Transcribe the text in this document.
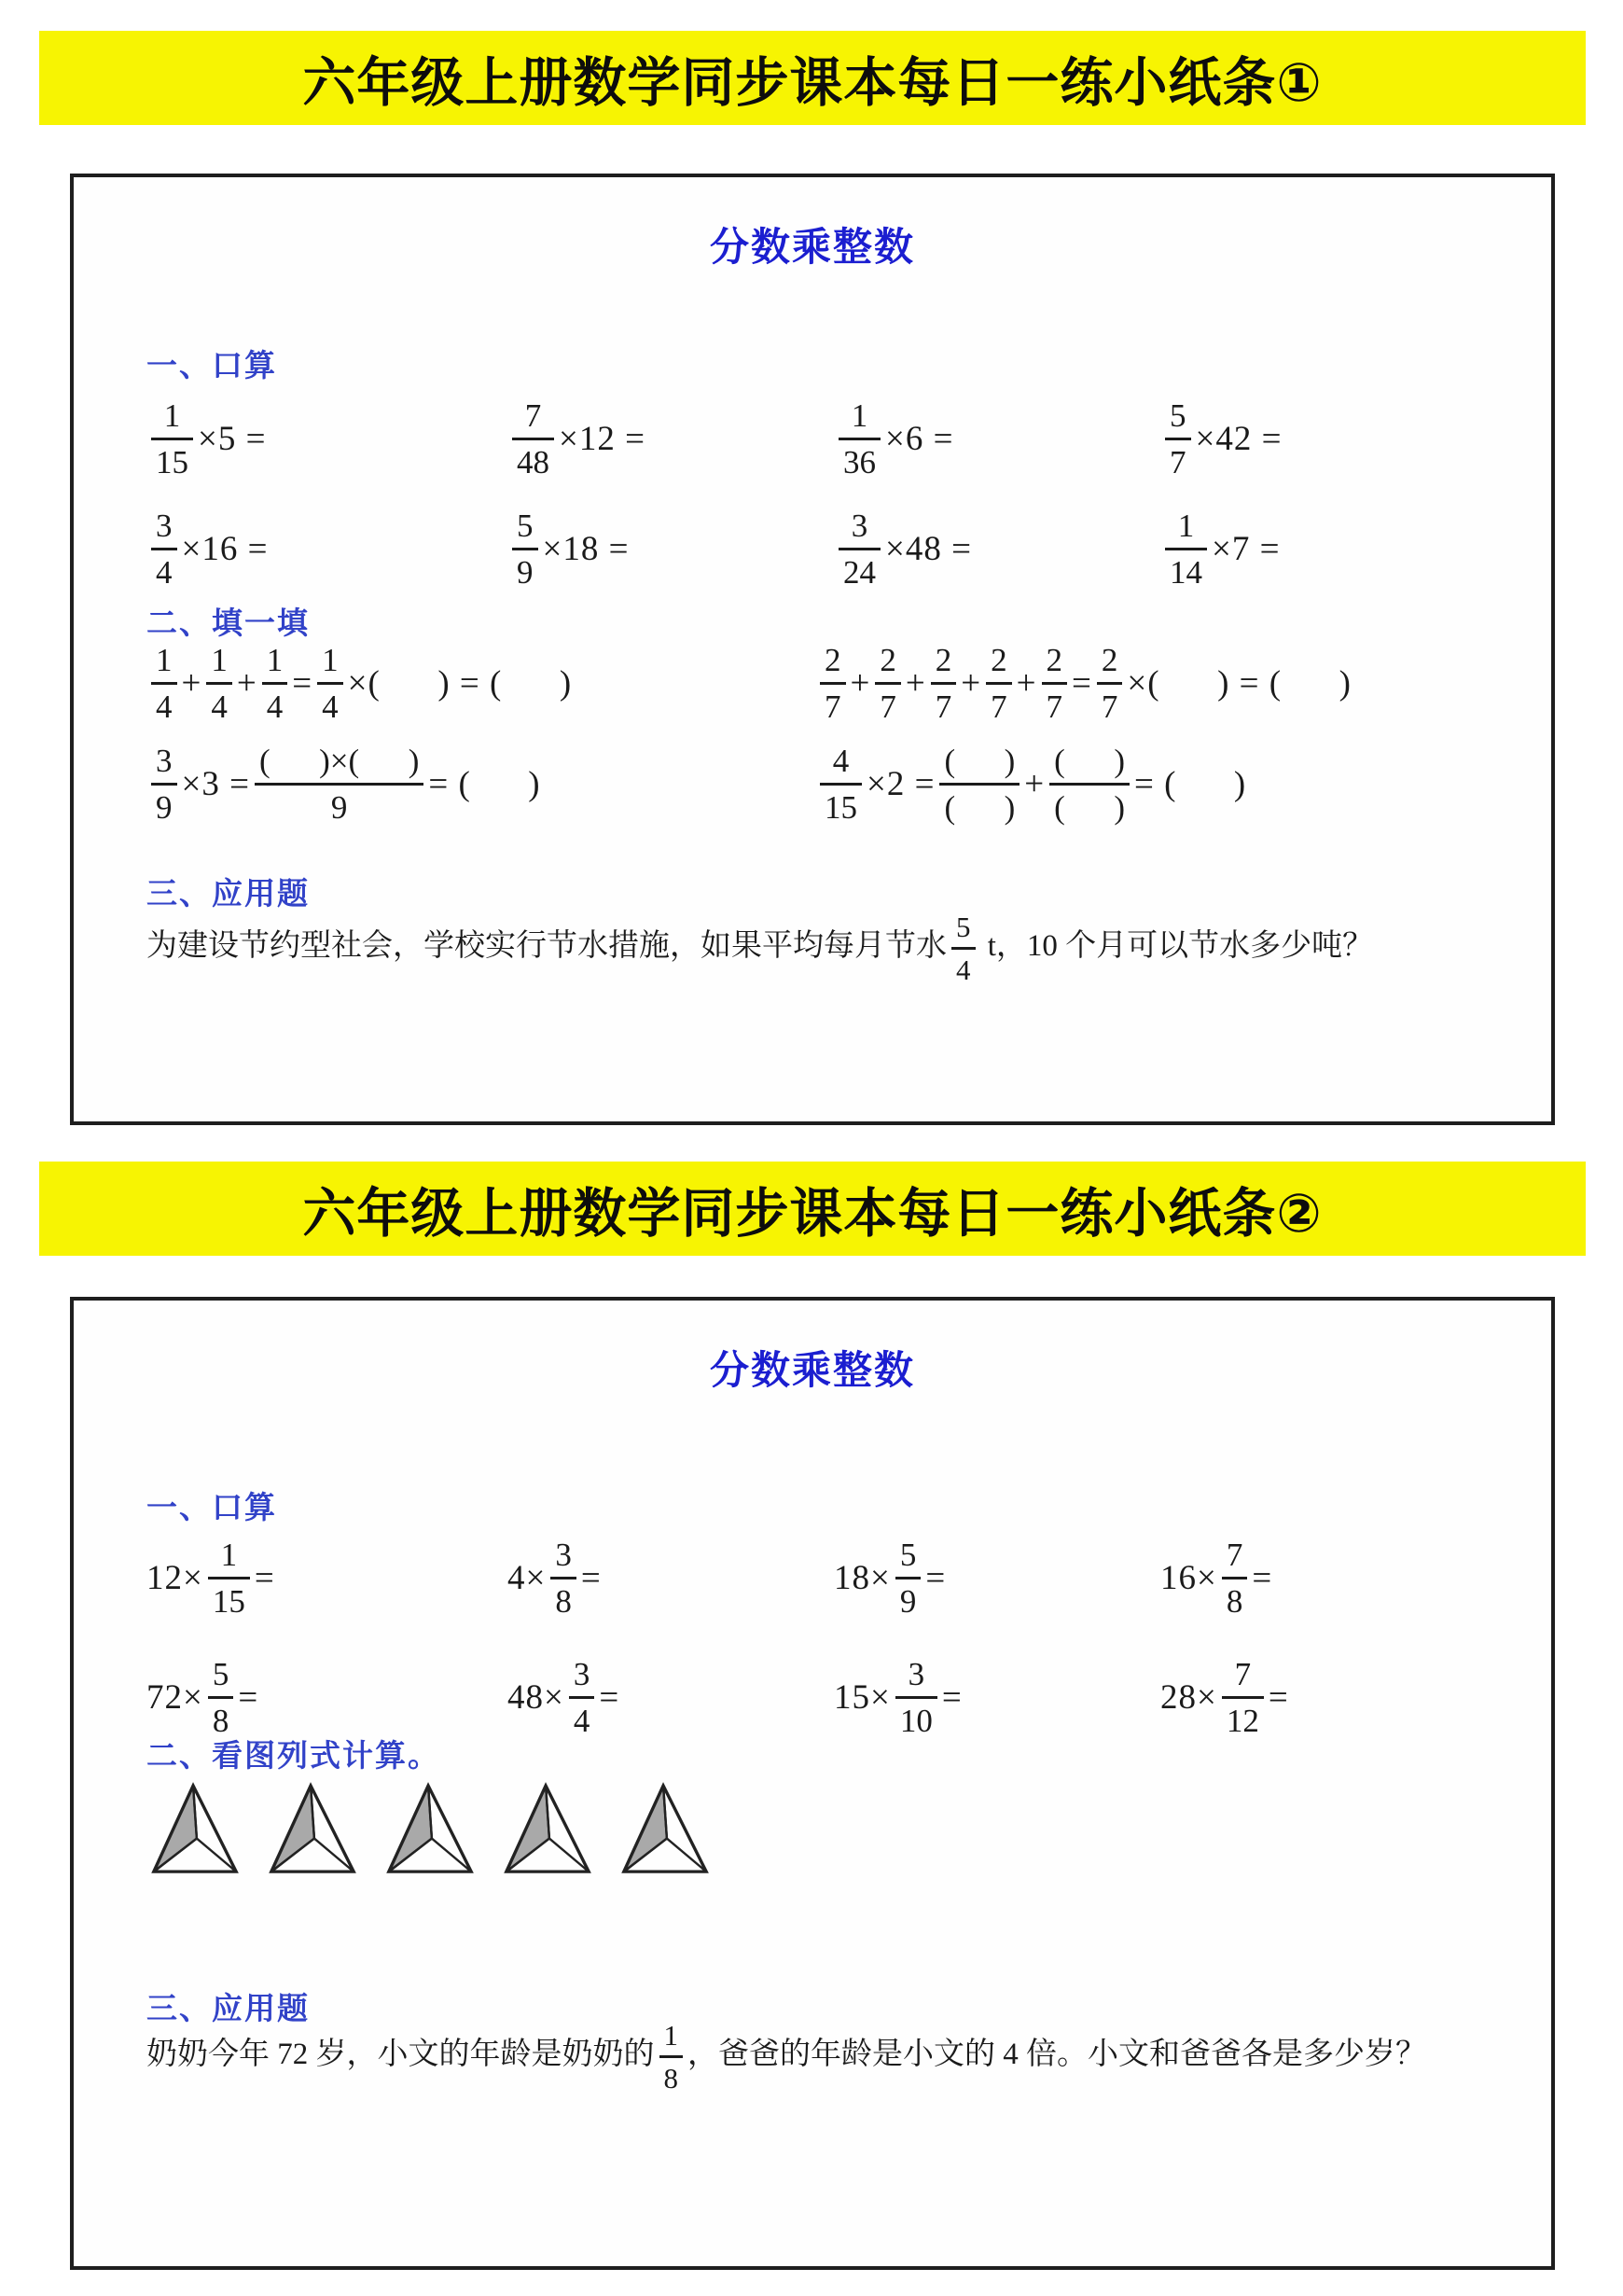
六年级上册数学同步课本每日一练小纸条①
分数乘整数
一、口算
$\frac{1}{15} \times 5$ =	$\frac{7}{48} \times 12$ =	$\frac{1}{36} \times 6$ =	$\frac{5}{7} \times 42$ =
$\frac{3}{4} \times 16$ =	$\frac{5}{9} \times 18$ =	$\frac{3}{24} \times 48$ =	$\frac{1}{14} \times 7$ =
二、填一填
$\frac{1}{4} + \frac{1}{4} + \frac{1}{4} = \frac{1}{4}$ ×(      ) = (      )	$\frac{2}{7} + \frac{2}{7} + \frac{2}{7} + \frac{2}{7} + \frac{2}{7} = \frac{2}{7}$ ×(      ) = (      )
$\frac{3}{9} \times 3 = \frac{( )\times( )}{9}$ = (      )	$\frac{4}{15} \times 2 = \frac{( )}{( )} + \frac{( )}{( )}$ = (      )
三、应用题
为建设节约型社会，学校实行节水措施，如果平均每月节水 $\frac{5}{4}$ t，10 个月可以节水多少吨？
六年级上册数学同步课本每日一练小纸条②
分数乘整数
一、口算
$12\times \frac{1}{15}$ =	$4\times \frac{3}{8}$ =	$18\times \frac{5}{9}$ =	$16\times \frac{7}{8}$ =
$72\times \frac{5}{8}$ =	$48\times \frac{3}{4}$ =	$15\times \frac{3}{10}$ =	$28\times \frac{7}{12}$ =
二、看图列式计算。
三、应用题
奶奶今年 72 岁，小文的年龄是奶奶的 $\frac{1}{8}$ ，爸爸的年龄是小文的 4 倍。小文和爸爸各是多少岁？
